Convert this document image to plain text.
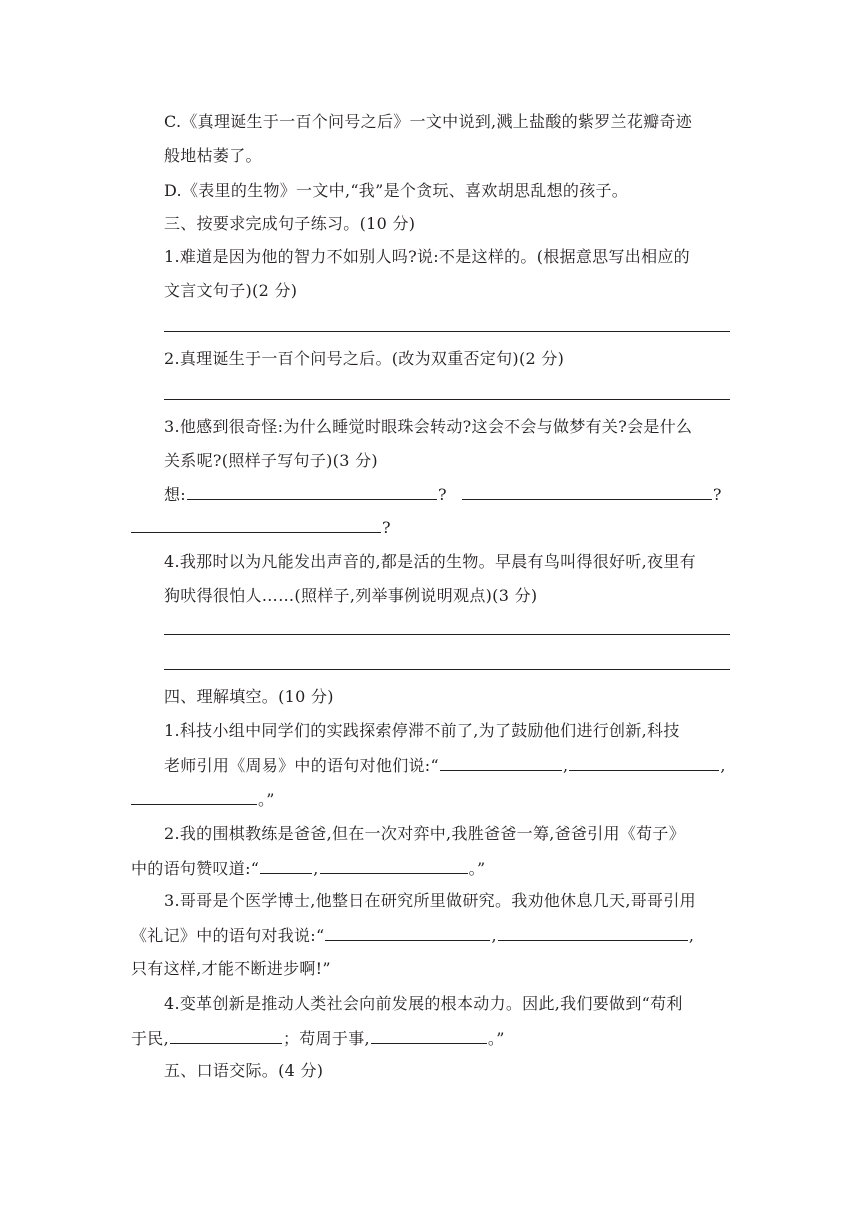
C.《真理诞生于一百个问号之后》一文中说到,溅上盐酸的紫罗兰花瓣奇迹

般地枯萎了。

D.《表里的生物》一文中,“我”是个贪玩、喜欢胡思乱想的孩子。

三、按要求完成句子练习。(10 分)

1.难道是因为他的智力不如别人吗?说:不是这样的。(根据意思写出相应的

文言文句子)(2 分)

2.真理诞生于一百个问号之后。(改为双重否定句)(2 分)

3.他感到很奇怪:为什么睡觉时眼珠会转动?这会不会与做梦有关?会是什么

关系呢?(照样子写句子)(3 分)

想:	?	?

?

4.我那时以为凡能发出声音的,都是活的生物。早晨有鸟叫得很好听,夜里有

狗吠得很怕人……(照样子,列举事例说明观点)(3 分)

四、理解填空。(10 分)

1.科技小组中同学们的实践探索停滞不前了,为了鼓励他们进行创新,科技

老师引用《周易》中的语句对他们说:“	,	,

。”

2.我的围棋教练是爸爸,但在一次对弈中,我胜爸爸一筹,爸爸引用《荀子》

中的语句赞叹道:“	,	。”

3.哥哥是个医学博士,他整日在研究所里做研究。我劝他休息几天,哥哥引用

《礼记》中的语句对我说:“	,	,

只有这样,才能不断进步啊!”

4.变革创新是推动人类社会向前发展的根本动力。因此,我们要做到“苟利

于民,	；苟周于事,	。”

五、口语交际。(4 分)
